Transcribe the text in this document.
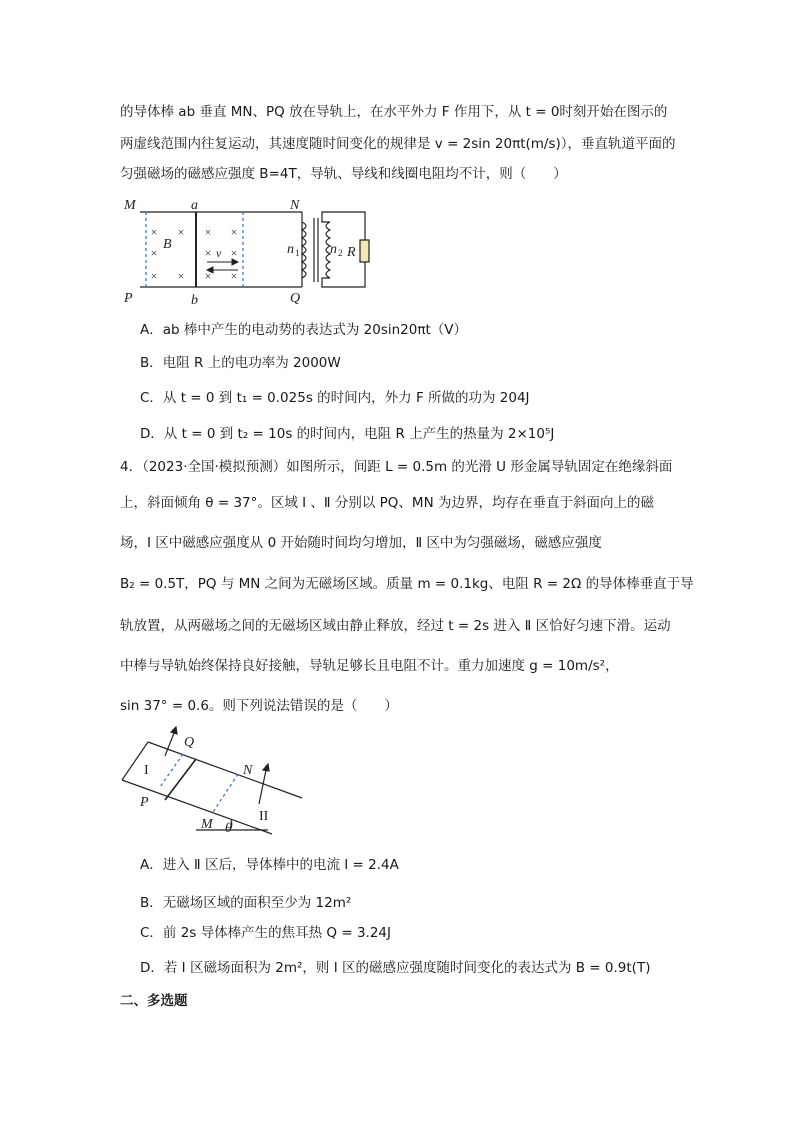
的导体棒 ab 垂直 MN、PQ 放在导轨上，在水平外力 F 作用下，从 t = 0时刻开始在图示的
两虚线范围内往复运动，其速度随时间变化的规律是 v = 2sin 20πt(m/s)），垂直轨道平面的
匀强磁场的磁感应强度 B=4T，导轨、导线和线圈电阻均不计，则（　　）
× ×
×
× ×
× ×
× ×
× ×
M	a	N
P	b	Q
B
v	n 1 n 2 R
A．ab 棒中产生的电动势的表达式为 20sin20πt（V）
B．电阻 R 上的电功率为 2000W
C．从 t = 0 到 t₁ = 0.025s 的时间内，外力 F 所做的功为 204J
D．从 t = 0 到 t₂ = 10s 的时间内，电阻 R 上产生的热量为 2×10⁵J
4．（2023·全国·模拟预测）如图所示，间距 L = 0.5m 的光滑 U 形金属导轨固定在绝缘斜面
上，斜面倾角 θ = 37°。区域 Ⅰ 、Ⅱ 分别以 PQ、MN 为边界，均存在垂直于斜面向上的磁
场，Ⅰ 区中磁感应强度从 0 开始随时间均匀增加，Ⅱ 区中为匀强磁场，磁感应强度
B₂ = 0.5T，PQ 与 MN 之间为无磁场区域。质量 m = 0.1kg、电阻 R = 2Ω 的导体棒垂直于导
轨放置，从两磁场之间的无磁场区域由静止释放，经过 t = 2s 进入 Ⅱ 区恰好匀速下滑。运动
中棒与导轨始终保持良好接触，导轨足够长且电阻不计。重力加速度 g = 10m/s²，
sin 37° = 0.6。则下列说法错误的是（　　）
Q
P
N
M θ
I
II
A．进入 Ⅱ 区后，导体棒中的电流 I = 2.4A
B．无磁场区域的面积至少为 12m²
C．前 2s 导体棒产生的焦耳热 Q = 3.24J
D．若 Ⅰ 区磁场面积为 2m²，则 Ⅰ 区的磁感应强度随时间变化的表达式为 B = 0.9t(T)
二、多选题
